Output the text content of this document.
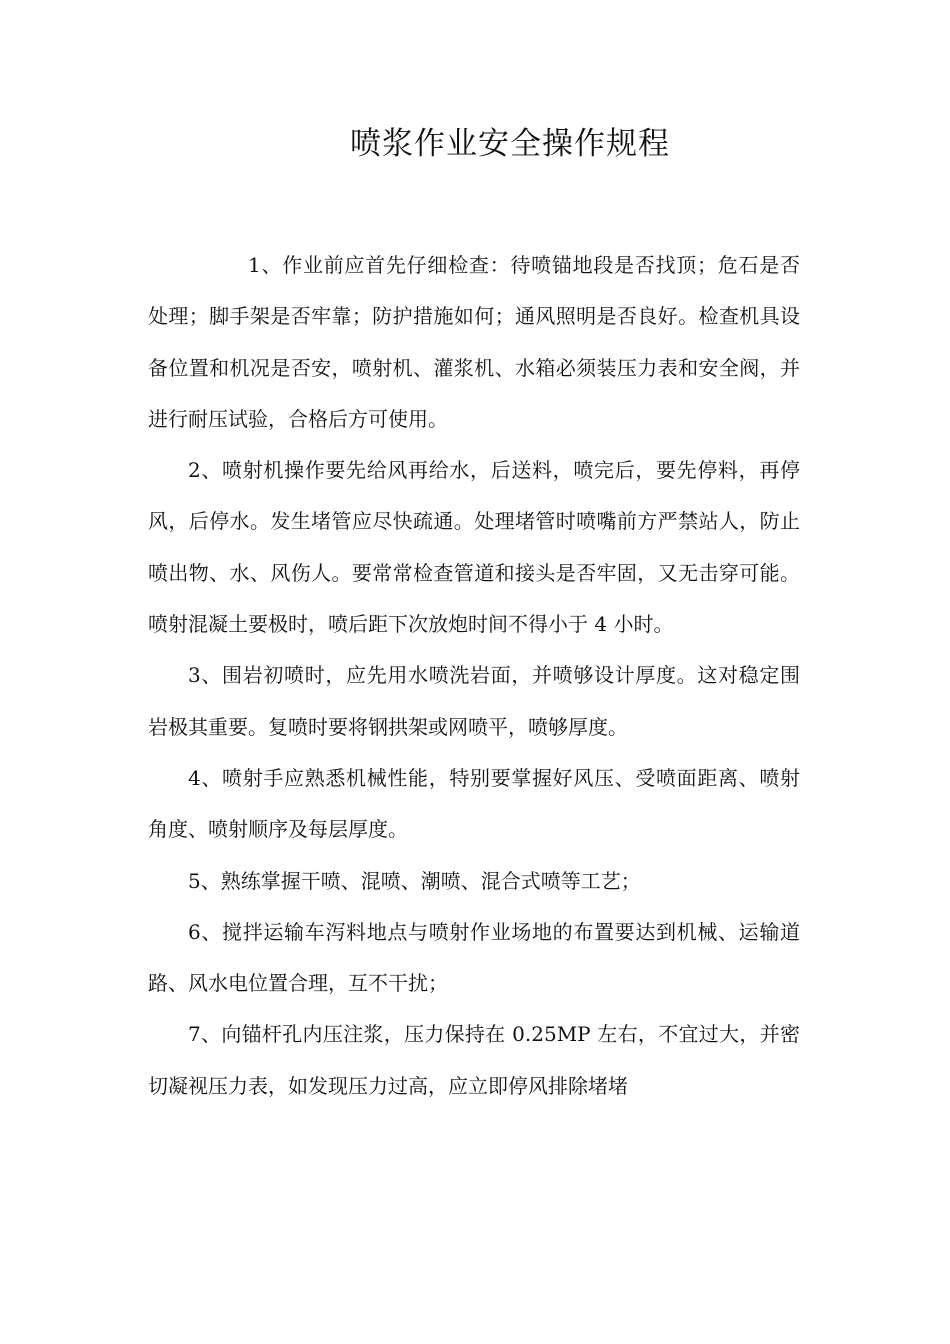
喷浆作业安全操作规程

1、作业前应首先仔细检查：待喷锚地段是否找顶；危石是否处理；脚手架是否牢靠；防护措施如何；通风照明是否良好。检查机具设备位置和机况是否安，喷射机、灌浆机、水箱必须装压力表和安全阀，并进行耐压试验，合格后方可使用。

2、喷射机操作要先给风再给水，后送料，喷完后，要先停料，再停风，后停水。发生堵管应尽快疏通。处理堵管时喷嘴前方严禁站人，防止喷出物、水、风伤人。要常常检查管道和接头是否牢固，又无击穿可能。喷射混凝土要极时，喷后距下次放炮时间不得小于 4 小时。

3、围岩初喷时，应先用水喷洗岩面，并喷够设计厚度。这对稳定围岩极其重要。复喷时要将钢拱架或网喷平，喷够厚度。

4、喷射手应熟悉机械性能，特别要掌握好风压、受喷面距离、喷射角度、喷射顺序及每层厚度。

5、熟练掌握干喷、混喷、潮喷、混合式喷等工艺；

6、搅拌运输车泻料地点与喷射作业场地的布置要达到机械、运输道路、风水电位置合理，互不干扰；

7、向锚杆孔内压注浆，压力保持在 0.25MP 左右，不宜过大，并密切凝视压力表，如发现压力过高，应立即停风排除堵堵
